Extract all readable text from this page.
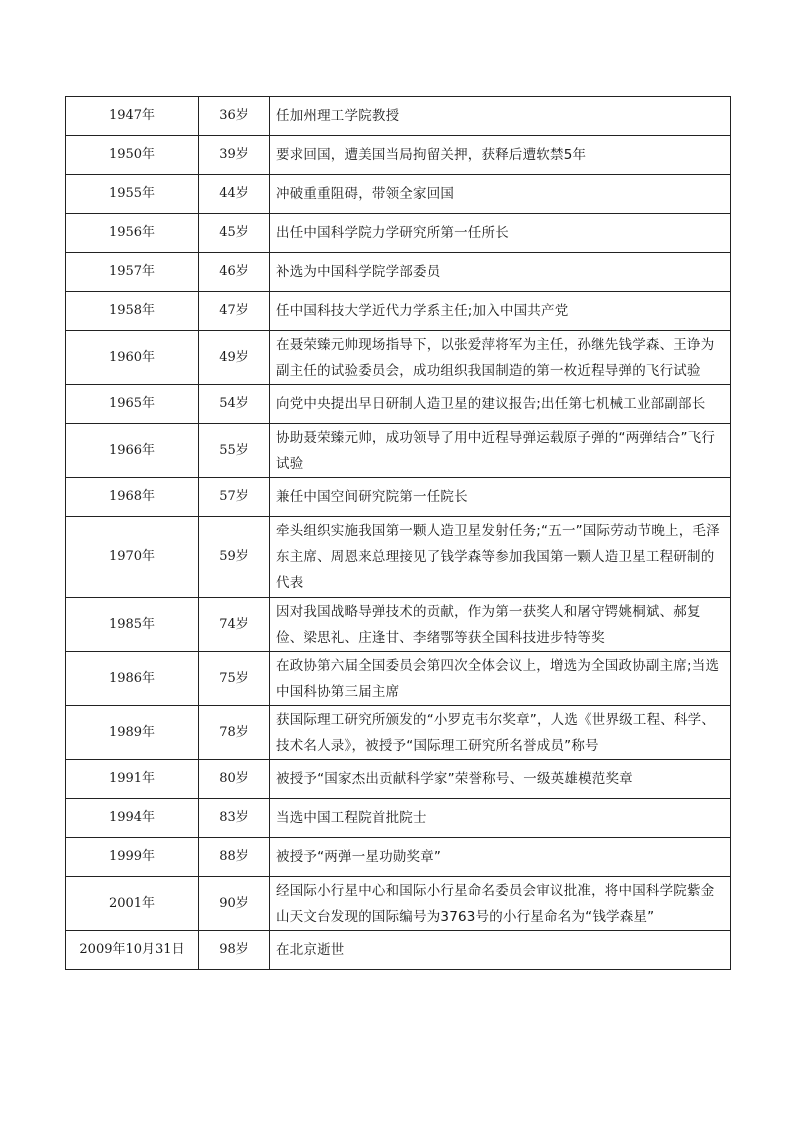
1947年	36岁	任加州理工学院教授
1950年	39岁	要求回国，遭美国当局拘留关押，获释后遭软禁5年
1955年	44岁	冲破重重阻碍，带领全家回国
1956年	45岁	出任中国科学院力学研究所第一任所长
1957年	46岁	补选为中国科学院学部委员
1958年	47岁	任中国科技大学近代力学系主任;加入中国共产党
1960年	49岁	在聂荣臻元帅现场指导下，以张爱萍将军为主任，孙继先钱学森、王诤为副主任的试验委员会，成功组织我国制造的第一枚近程导弹的飞行试验
1965年	54岁	向党中央提出早日研制人造卫星的建议报告;出任第七机械工业部副部长
1966年	55岁	协助聂荣臻元帅，成功领导了用中近程导弹运载原子弹的“两弹结合”飞行试验
1968年	57岁	兼任中国空间研究院第一任院长
1970年	59岁	牵头组织实施我国第一颗人造卫星发射任务;“五一”国际劳动节晚上，毛泽东主席、周恩来总理接见了钱学森等参加我国第一颗人造卫星工程研制的代表
1985年	74岁	因对我国战略导弹技术的贡献，作为第一获奖人和屠守锷姚桐斌、郝复俭、梁思礼、庄逢甘、李绪鄂等获全国科技进步特等奖
1986年	75岁	在政协第六届全国委员会第四次全体会议上，增选为全国政协副主席;当选中国科协第三届主席
1989年	78岁	获国际理工研究所颁发的“小罗克韦尔奖章”，人选《世界级工程、科学、技术名人录》，被授予“国际理工研究所名誉成员”称号
1991年	80岁	被授予“国家杰出贡献科学家”荣誉称号、一级英雄模范奖章
1994年	83岁	当选中国工程院首批院士
1999年	88岁	被授予“两弹一星功勋奖章”
2001年	90岁	经国际小行星中心和国际小行星命名委员会审议批准，将中国科学院紫金山天文台发现的国际编号为3763号的小行星命名为“钱学森星”
2009年10月31日	98岁	在北京逝世
